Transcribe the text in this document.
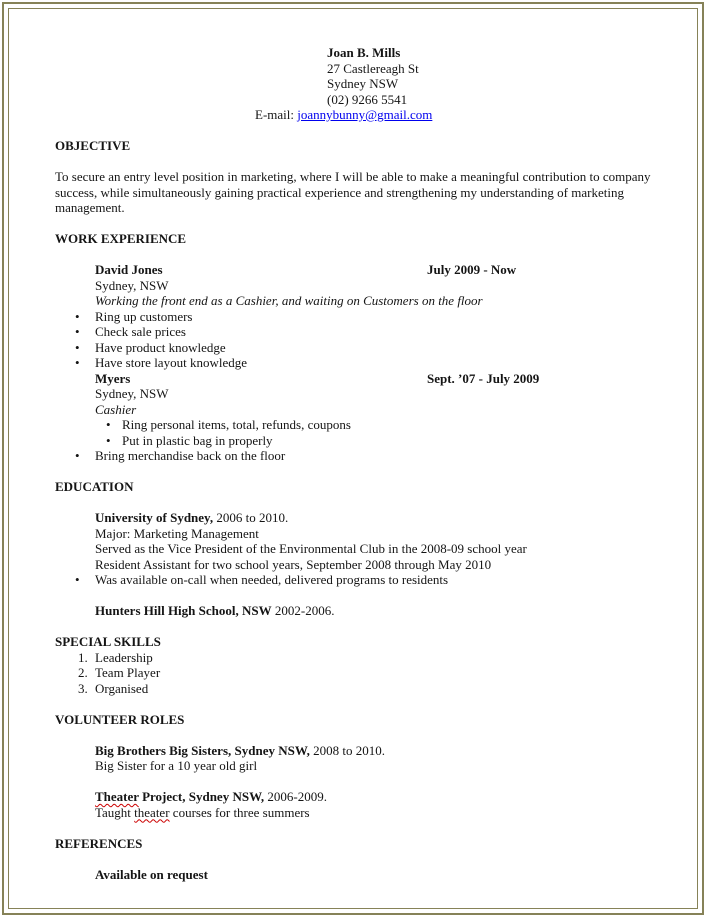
Joan B. Mills
27 Castlereagh St
Sydney NSW
(02) 9266 5541
E-mail: joannybunny@gmail.com
OBJECTIVE
To secure an entry level position in marketing, where I will be able to make a meaningful contribution to company success, while simultaneously gaining practical experience and strengthening my understanding of marketing management.
WORK EXPERIENCE
David Jones	July 2009 - Now
Sydney, NSW
Working the front end as a Cashier, and waiting on Customers on the floor
• Ring up customers
• Check sale prices
• Have product knowledge
• Have store layout knowledge
Myers	Sept. ’07 - July 2009
Sydney, NSW
Cashier
• Ring personal items, total, refunds, coupons
• Put in plastic bag in properly
• Bring merchandise back on the floor
EDUCATION
University of Sydney, 2006 to 2010.
Major: Marketing Management
Served as the Vice President of the Environmental Club in the 2008-09 school year
Resident Assistant for two school years, September 2008 through May 2010
• Was available on-call when needed, delivered programs to residents
Hunters Hill High School, NSW 2002-2006.
SPECIAL SKILLS
1. Leadership
2. Team Player
3. Organised
VOLUNTEER ROLES
Big Brothers Big Sisters, Sydney NSW, 2008 to 2010.
Big Sister for a 10 year old girl
Theater Project, Sydney NSW, 2006-2009.
Taught theater courses for three summers
REFERENCES
Available on request
